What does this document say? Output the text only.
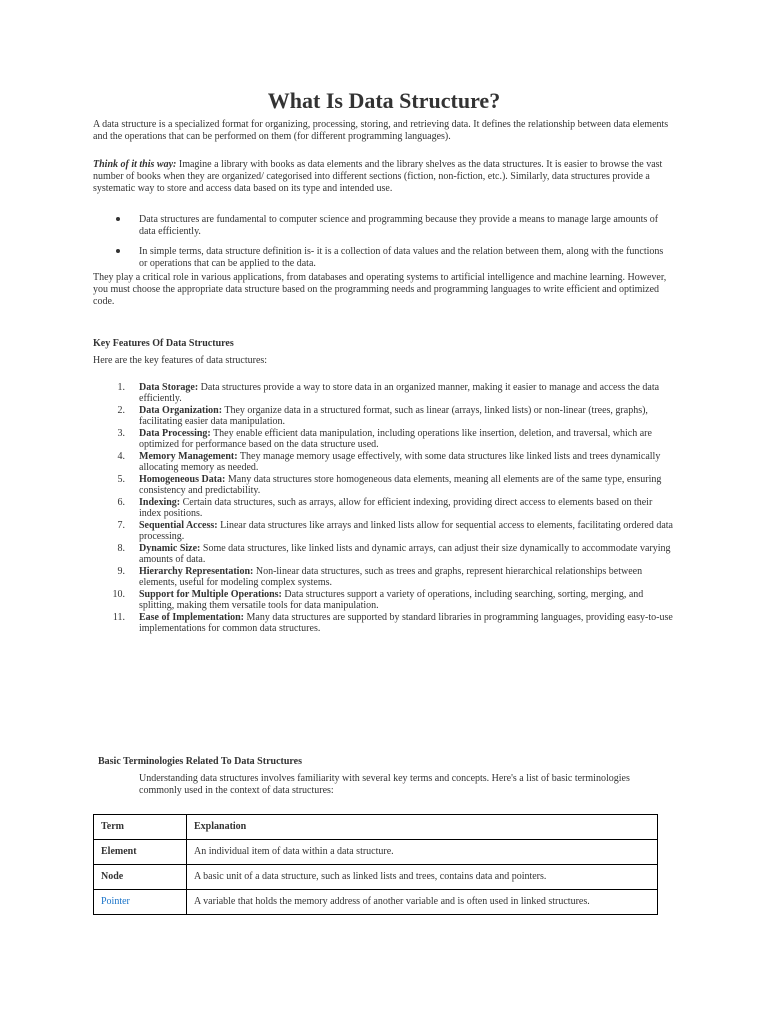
What Is Data Structure?

A data structure is a specialized format for organizing, processing, storing, and retrieving data. It defines the relationship between data elements and the operations that can be performed on them (for different programming languages).

Think of it this way: Imagine a library with books as data elements and the library shelves as the data structures. It is easier to browse the vast number of books when they are organized/ categorised into different sections (fiction, non-fiction, etc.). Similarly, data structures provide a systematic way to store and access data based on its type and intended use.

Data structures are fundamental to computer science and programming because they provide a means to manage large amounts of data efficiently.
In simple terms, data structure definition is- it is a collection of data values and the relation between them, along with the functions or operations that can be applied to the data.

They play a critical role in various applications, from databases and operating systems to artificial intelligence and machine learning. However, you must choose the appropriate data structure based on the programming needs and programming languages to write efficient and optimized code.

Key Features Of Data Structures

Here are the key features of data structures:

1. Data Storage: Data structures provide a way to store data in an organized manner, making it easier to manage and access the data efficiently.
2. Data Organization: They organize data in a structured format, such as linear (arrays, linked lists) or non-linear (trees, graphs), facilitating easier data manipulation.
3. Data Processing: They enable efficient data manipulation, including operations like insertion, deletion, and traversal, which are optimized for performance based on the data structure used.
4. Memory Management: They manage memory usage effectively, with some data structures like linked lists and trees dynamically allocating memory as needed.
5. Homogeneous Data: Many data structures store homogeneous data elements, meaning all elements are of the same type, ensuring consistency and predictability.
6. Indexing: Certain data structures, such as arrays, allow for efficient indexing, providing direct access to elements based on their index positions.
7. Sequential Access: Linear data structures like arrays and linked lists allow for sequential access to elements, facilitating ordered data processing.
8. Dynamic Size: Some data structures, like linked lists and dynamic arrays, can adjust their size dynamically to accommodate varying amounts of data.
9. Hierarchy Representation: Non-linear data structures, such as trees and graphs, represent hierarchical relationships between elements, useful for modeling complex systems.
10. Support for Multiple Operations: Data structures support a variety of operations, including searching, sorting, merging, and splitting, making them versatile tools for data manipulation.
11. Ease of Implementation: Many data structures are supported by standard libraries in programming languages, providing easy-to-use implementations for common data structures.

Basic Terminologies Related To Data Structures

Understanding data structures involves familiarity with several key terms and concepts. Here's a list of basic terminologies commonly used in the context of data structures:

Term	Explanation
Element	An individual item of data within a data structure.
Node	A basic unit of a data structure, such as linked lists and trees, contains data and pointers.
Pointer	A variable that holds the memory address of another variable and is often used in linked structures.
